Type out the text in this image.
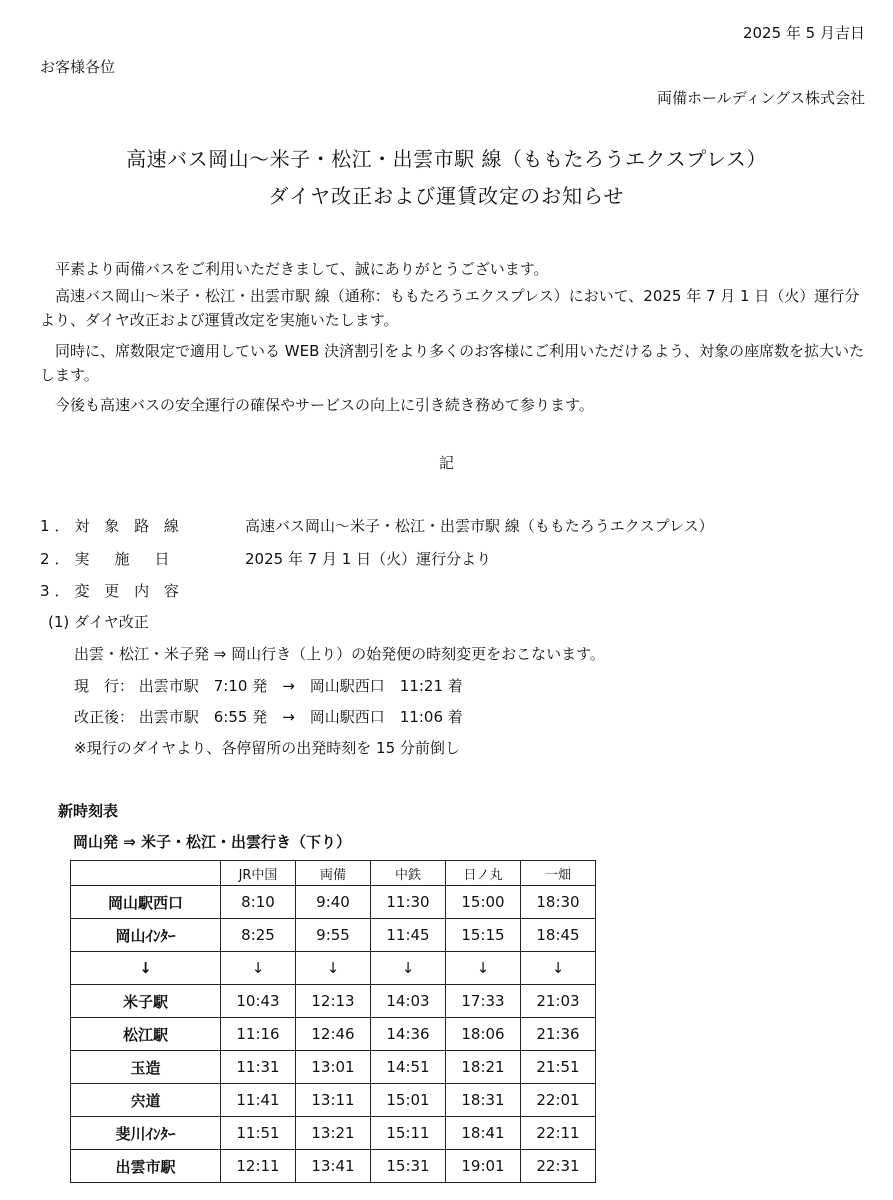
2025 年 5 月吉日
お客様各位
両備ホールディングス株式会社
高速バス岡山～米子・松江・出雲市駅 線（ももたろうエクスプレス）
ダイヤ改正および運賃改定のお知らせ
平素より両備バスをご利用いただきまして、誠にありがとうございます。
高速バス岡山～米子・松江・出雲市駅 線（通称：ももたろうエクスプレス）において、2025 年 7 月 1 日（火）運行分より、ダイヤ改正および運賃改定を実施いたします。
同時に、席数限定で適用している WEB 決済割引をより多くのお客様にご利用いただけるよう、対象の座席数を拡大いたします。
今後も高速バスの安全運行の確保やサービスの向上に引き続き務めて参ります。
記
1．対 象 路 線	高速バス岡山～米子・松江・出雲市駅 線（ももたろうエクスプレス）
2．実　施　日	2025 年 7 月 1 日（火）運行分より
3．変 更 内 容
(1) ダイヤ改正
出雲・松江・米子発 ⇒ 岡山行き（上り）の始発便の時刻変更をおこないます。
現　行： 出雲市駅　7:10 発　→　岡山駅西口　11:21 着
改正後： 出雲市駅　6:55 発　→　岡山駅西口　11:06 着
※現行のダイヤより、各停留所の出発時刻を 15 分前倒し
新時刻表
岡山発 ⇒ 米子・松江・出雲行き（下り）
	JR中国	両備	中鉄	日ノ丸	一畑
岡山駅西口	8:10	9:40	11:30	15:00	18:30
岡山ｲﾝﾀｰ	8:25	9:55	11:45	15:15	18:45
↓	↓	↓	↓	↓	↓
米子駅	10:43	12:13	14:03	17:33	21:03
松江駅	11:16	12:46	14:36	18:06	21:36
玉造	11:31	13:01	14:51	18:21	21:51
宍道	11:41	13:11	15:01	18:31	22:01
斐川ｲﾝﾀｰ	11:51	13:21	15:11	18:41	22:11
出雲市駅	12:11	13:41	15:31	19:01	22:31
